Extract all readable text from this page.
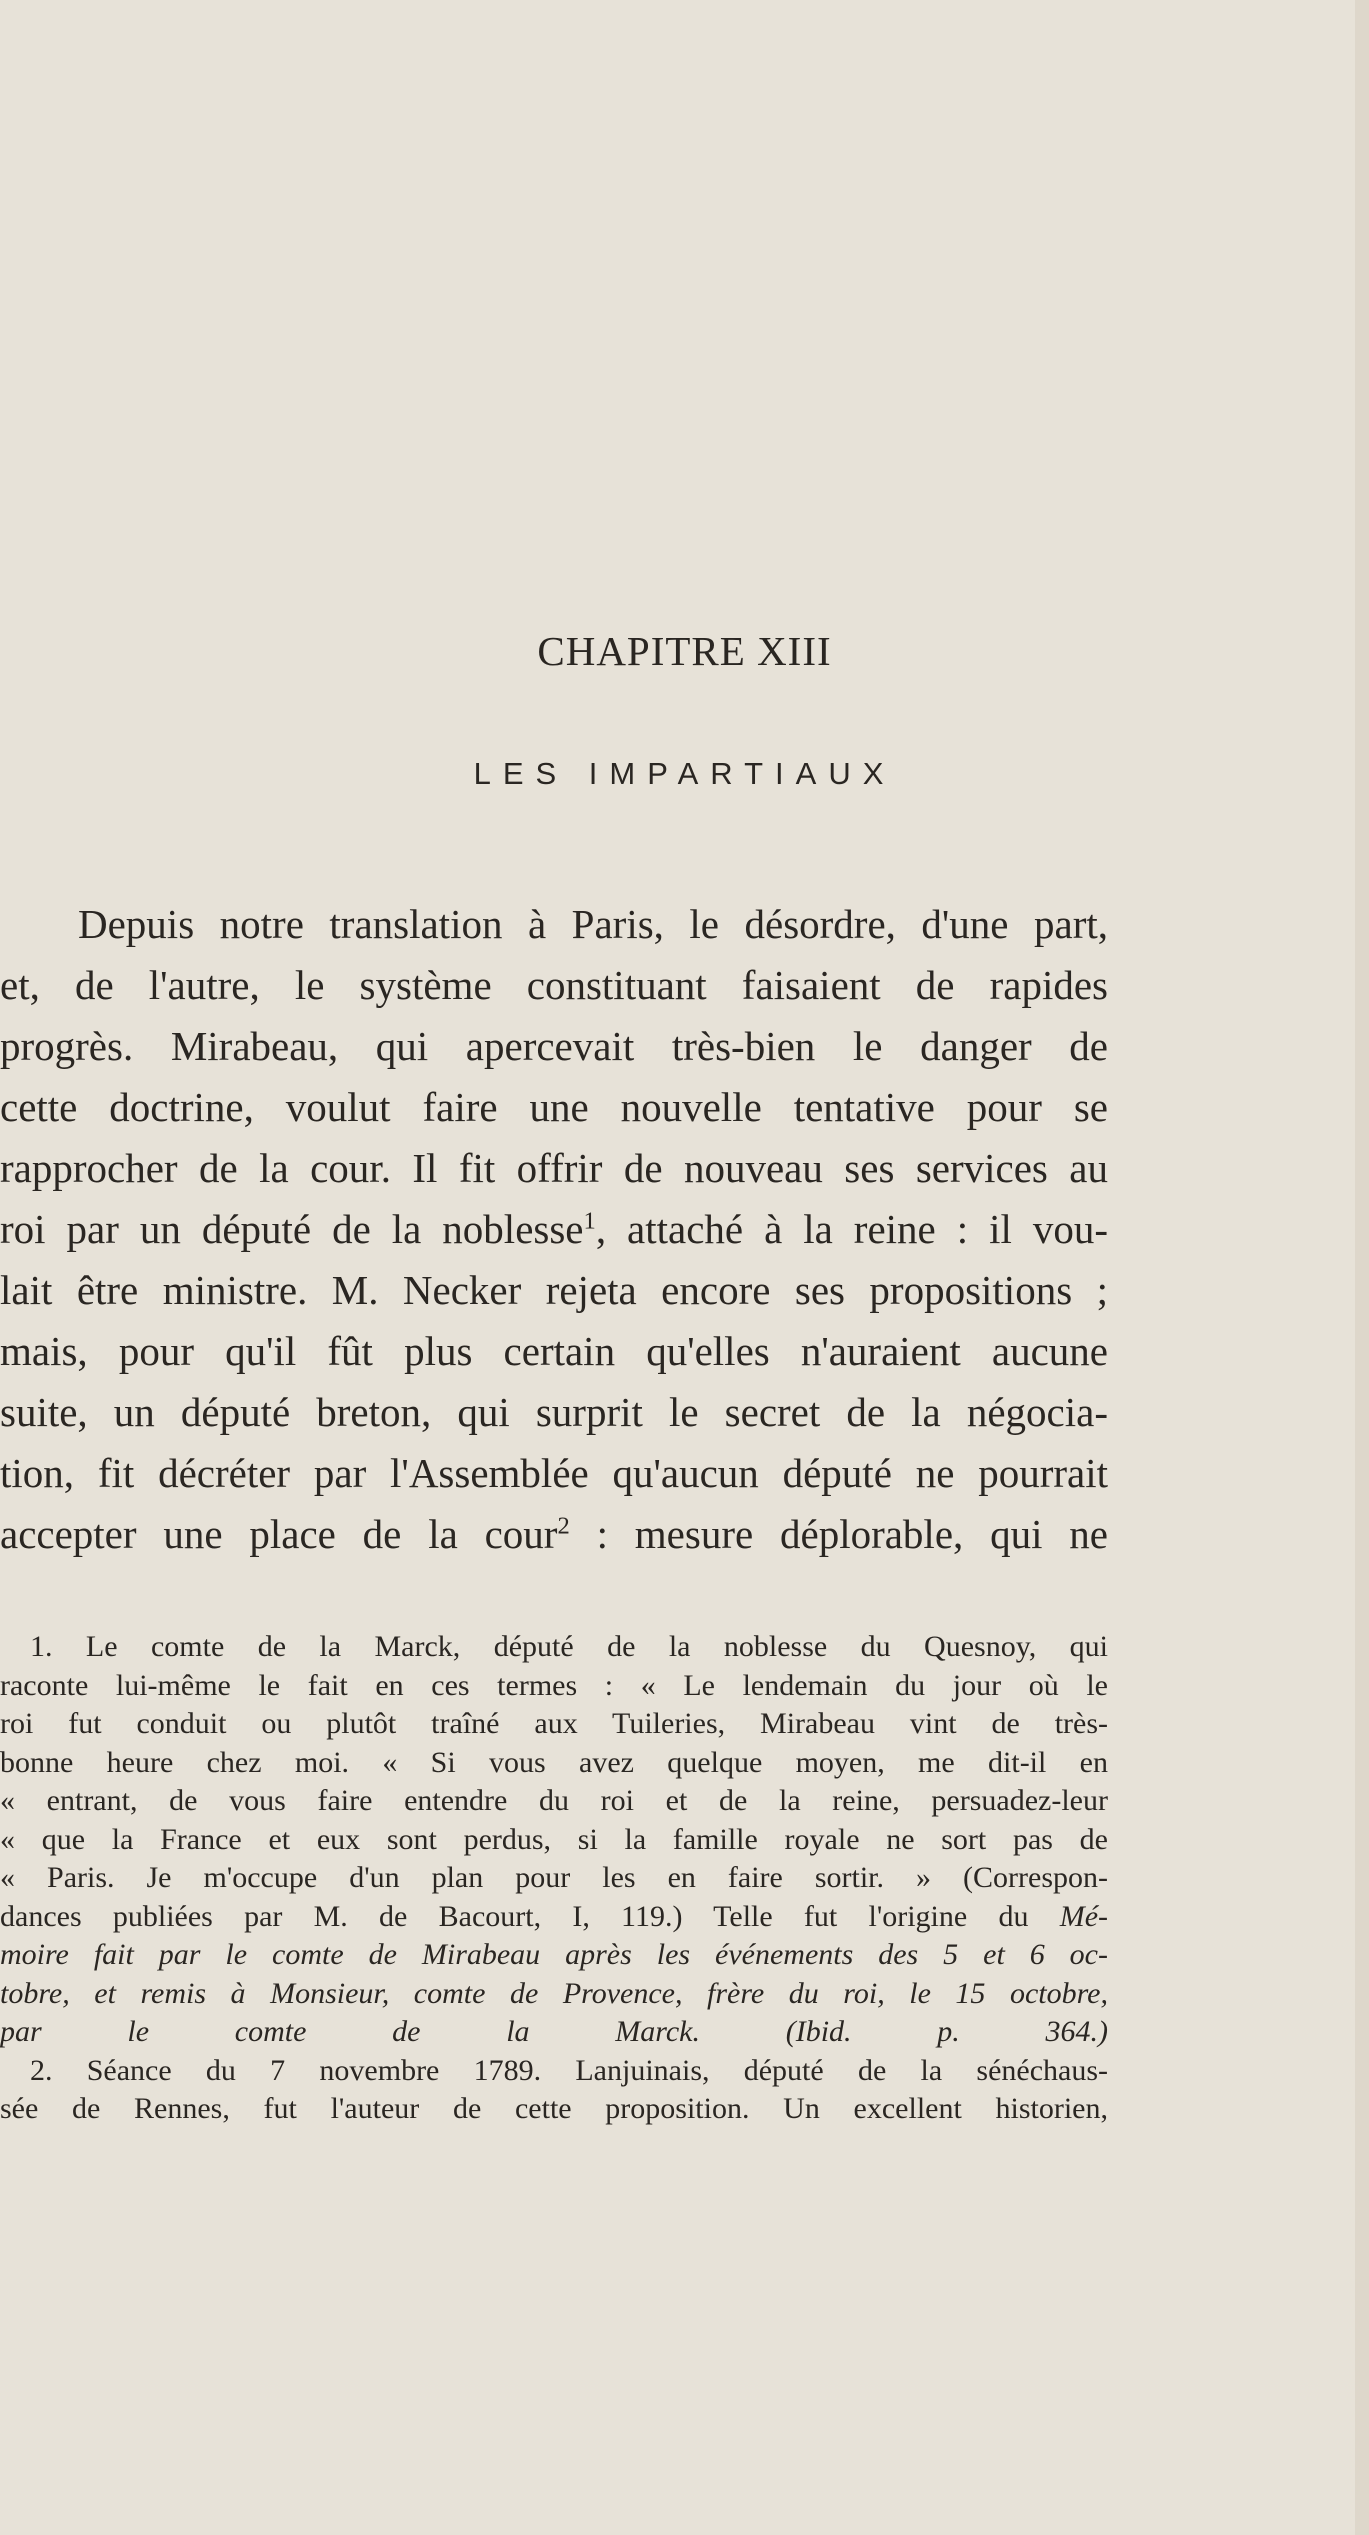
CHAPITRE XIII
LES IMPARTIAUX
Depuis notre translation à Paris, le désordre, d'une part,
et, de l'autre, le système constituant faisaient de rapides
progrès. Mirabeau, qui apercevait très-bien le danger de
cette doctrine, voulut faire une nouvelle tentative pour se
rapprocher de la cour. Il fit offrir de nouveau ses services au
roi par un député de la noblesse$^1$, attaché à la reine : il vou-
lait être ministre. M. Necker rejeta encore ses propositions ;
mais, pour qu'il fût plus certain qu'elles n'auraient aucune
suite, un député breton, qui surprit le secret de la négocia-
tion, fit décréter par l'Assemblée qu'aucun député ne pourrait
accepter une place de la cour$^2$ : mesure déplorable, qui ne
1. Le comte de la Marck, député de la noblesse du Quesnoy, qui
raconte lui-même le fait en ces termes : « Le lendemain du jour où le
roi fut conduit ou plutôt traîné aux Tuileries, Mirabeau vint de très-
bonne heure chez moi. « Si vous avez quelque moyen, me dit-il en
« entrant, de vous faire entendre du roi et de la reine, persuadez-leur
« que la France et eux sont perdus, si la famille royale ne sort pas de
« Paris. Je m'occupe d'un plan pour les en faire sortir. » (Correspon-
dances publiées par M. de Bacourt, I, 119.) Telle fut l'origine du Mé-
moire fait par le comte de Mirabeau après les événements des 5 et 6 oc-
tobre, et remis à Monsieur, comte de Provence, frère du roi, le 15 octobre,
par le comte de la Marck. (Ibid. p. 364.)
2. Séance du 7 novembre 1789. Lanjuinais, député de la sénéchaus-
sée de Rennes, fut l'auteur de cette proposition. Un excellent historien,
